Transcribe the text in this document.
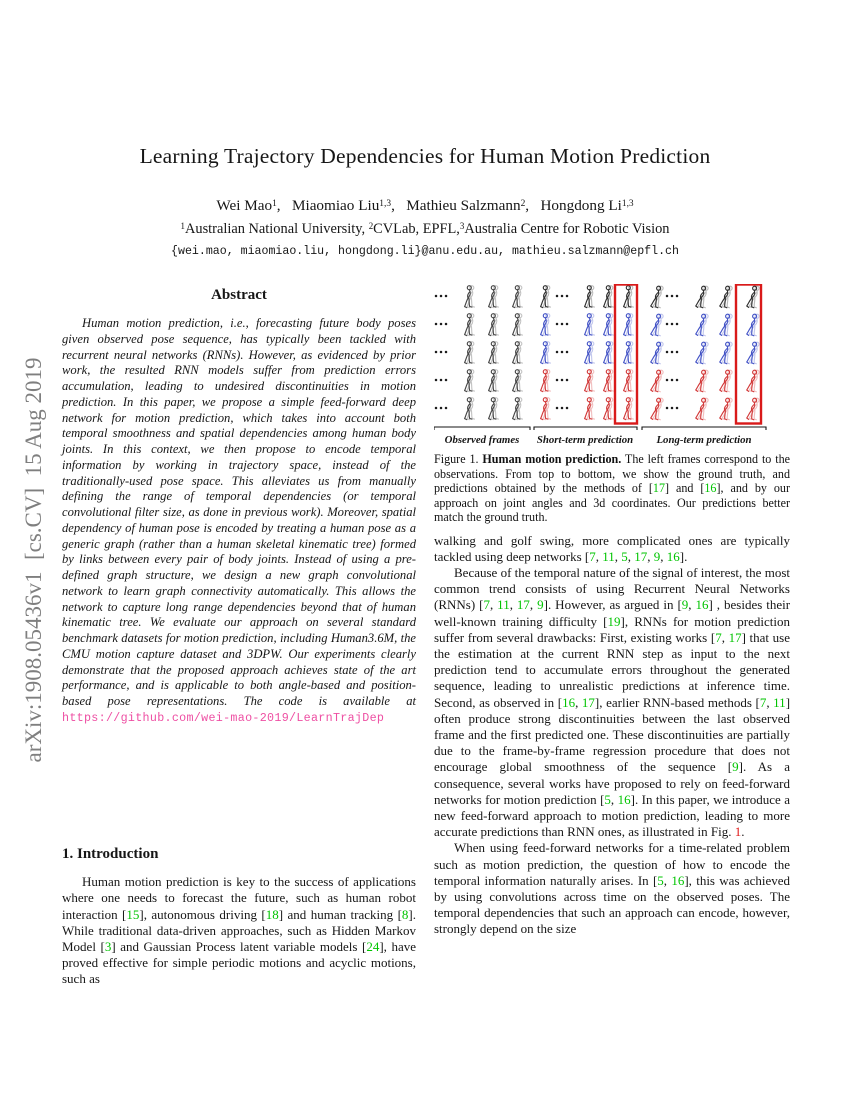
arXiv:1908.05436v1  [cs.CV]  15 Aug 2019
Learning Trajectory Dependencies for Human Motion Prediction
Wei Mao$^1$,  Miaomiao Liu$^{1,3}$,  Mathieu Salzmann$^2$,  Hongdong Li$^{1,3}$
$^1$Australian National University, $^2$CVLab, EPFL,$^3$Australia Centre for Robotic Vision
{wei.mao, miaomiao.liu, hongdong.li}@anu.edu.au, mathieu.salzmann@epfl.ch
Abstract

Human motion prediction, i.e., forecasting future body poses given observed pose sequence, has typically been tackled with recurrent neural networks (RNNs). However, as evidenced by prior work, the resulted RNN models suffer from prediction errors accumulation, leading to undesired discontinuities in motion prediction. In this paper, we propose a simple feed-forward deep network for motion prediction, which takes into account both temporal smoothness and spatial dependencies among human body joints. In this context, we then propose to encode temporal information by working in trajectory space, instead of the traditionally-used pose space. This alleviates us from manually defining the range of temporal dependencies (or temporal convolutional filter size, as done in previous work). Moreover, spatial dependency of human pose is encoded by treating a human pose as a generic graph (rather than a human skeletal kinematic tree) formed by links between every pair of body joints. Instead of using a pre-defined graph structure, we design a new graph convolutional network to learn graph connectivity automatically. This allows the network to capture long range dependencies beyond that of human kinematic tree. We evaluate our approach on several standard benchmark datasets for motion prediction, including Human3.6M, the CMU motion capture dataset and 3DPW. Our experiments clearly demonstrate that the proposed approach achieves state of the art performance, and is applicable to both angle-based and position-based pose representations. The code is available at https://github.com/wei-mao-2019/LearnTrajDep

1. Introduction

Human motion prediction is key to the success of applications where one needs to forecast the future, such as human robot interaction [15], autonomous driving [18] and human tracking [8]. While traditional data-driven approaches, such as Hidden Markov Model [3] and Gaussian Process latent variable models [24], have proved effective for simple periodic motions and acyclic motions, such as

Observed frames Short-term prediction Long-term prediction

Figure 1. Human motion prediction. The left frames correspond to the observations. From top to bottom, we show the ground truth, and predictions obtained by the methods of [17] and [16], and by our approach on joint angles and 3d coordinates. Our predictions better match the ground truth.

walking and golf swing, more complicated ones are typically tackled using deep networks [7, 11, 5, 17, 9, 16].

Because of the temporal nature of the signal of interest, the most common trend consists of using Recurrent Neural Networks (RNNs) [7, 11, 17, 9]. However, as argued in [9, 16] , besides their well-known training difficulty [19], RNNs for motion prediction suffer from several drawbacks: First, existing works [7, 17] that use the estimation at the current RNN step as input to the next prediction tend to accumulate errors throughout the generated sequence, leading to unrealistic predictions at inference time. Second, as observed in [16, 17], earlier RNN-based methods [7, 11] often produce strong discontinuities between the last observed frame and the first predicted one. These discontinuities are partially due to the frame-by-frame regression procedure that does not encourage global smoothness of the sequence [9]. As a consequence, several works have proposed to rely on feed-forward networks for motion prediction [5, 16]. In this paper, we introduce a new feed-forward approach to motion prediction, leading to more accurate predictions than RNN ones, as illustrated in Fig. 1.

When using feed-forward networks for a time-related problem such as motion prediction, the question of how to encode the temporal information naturally arises. In [5, 16], this was achieved by using convolutions across time on the observed poses. The temporal dependencies that such an approach can encode, however, strongly depend on the size
